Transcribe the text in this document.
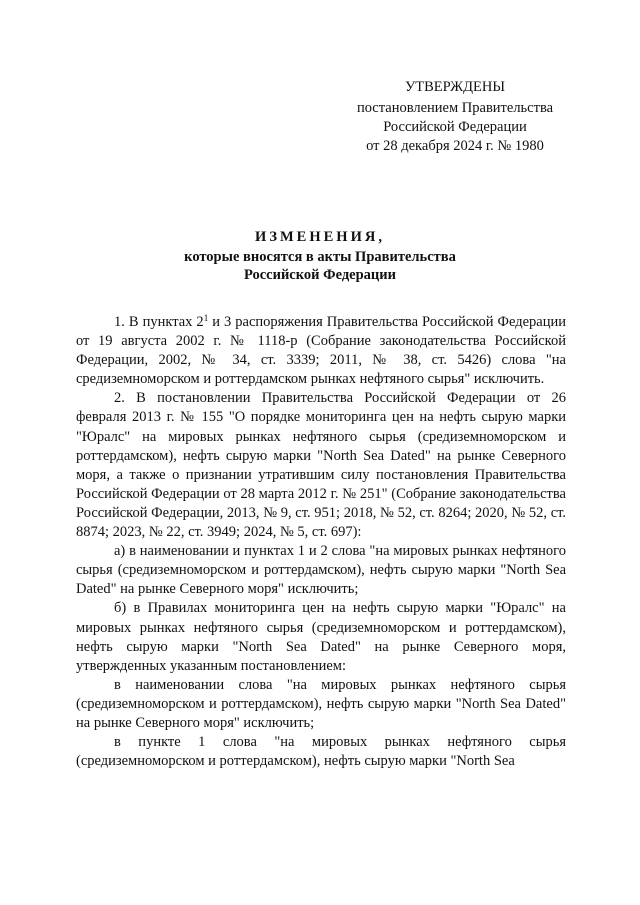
УТВЕРЖДЕНЫ
постановлением Правительства
Российской Федерации
от 28 декабря 2024 г. № 1980
ИЗМЕНЕНИЯ,
которые вносятся в акты Правительства
Российской Федерации

1. В пунктах $2^1$ и 3 распоряжения Правительства Российской Федерации от 19 августа 2002 г. № 1118-р (Собрание законодательства Российской Федерации, 2002, № 34, ст. 3339; 2011, № 38, ст. 5426) слова "на средиземноморском и роттердамском рынках нефтяного сырья" исключить.

2. В постановлении Правительства Российской Федерации от 26 февраля 2013 г. № 155 "О порядке мониторинга цен на нефть сырую марки "Юралс" на мировых рынках нефтяного сырья (средиземноморском и роттердамском), нефть сырую марки "North Sea Dated" на рынке Северного моря, а также о признании утратившим силу постановления Правительства Российской Федерации от 28 марта 2012 г. № 251" (Собрание законодательства Российской Федерации, 2013, № 9, ст. 951; 2018, № 52, ст. 8264; 2020, № 52, ст. 8874; 2023, № 22, ст. 3949; 2024, № 5, ст. 697):

а) в наименовании и пунктах 1 и 2 слова "на мировых рынках нефтяного сырья (средиземноморском и роттердамском), нефть сырую марки "North Sea Dated" на рынке Северного моря" исключить;

б) в Правилах мониторинга цен на нефть сырую марки "Юралс" на мировых рынках нефтяного сырья (средиземноморском и роттердамском), нефть сырую марки "North Sea Dated" на рынке Северного моря, утвержденных указанным постановлением:

в наименовании слова "на мировых рынках нефтяного сырья (средиземноморском и роттердамском), нефть сырую марки "North Sea Dated" на рынке Северного моря" исключить;

в пункте 1 слова "на мировых рынках нефтяного сырья (средиземноморском и роттердамском), нефть сырую марки "North Sea
